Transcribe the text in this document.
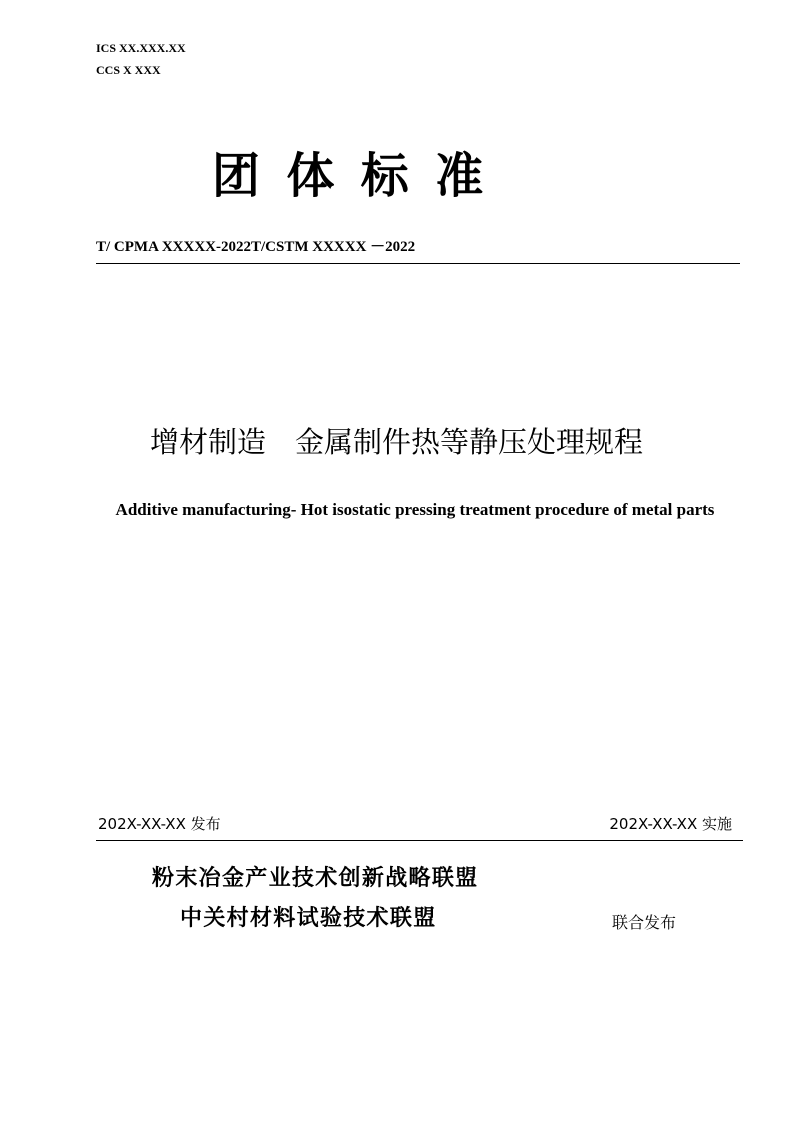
ICS XX.XXX.XX
CCS X XXX
团体标准
T/ CPMA XXXXX-2022T/CSTM XXXXX －2022
增材制造　金属制件热等静压处理规程
Additive manufacturing- Hot isostatic pressing treatment procedure of metal parts
202X-XX-XX 发布	202X-XX-XX 实施
粉末冶金产业技术创新战略联盟
中关村材料试验技术联盟	联合发布
